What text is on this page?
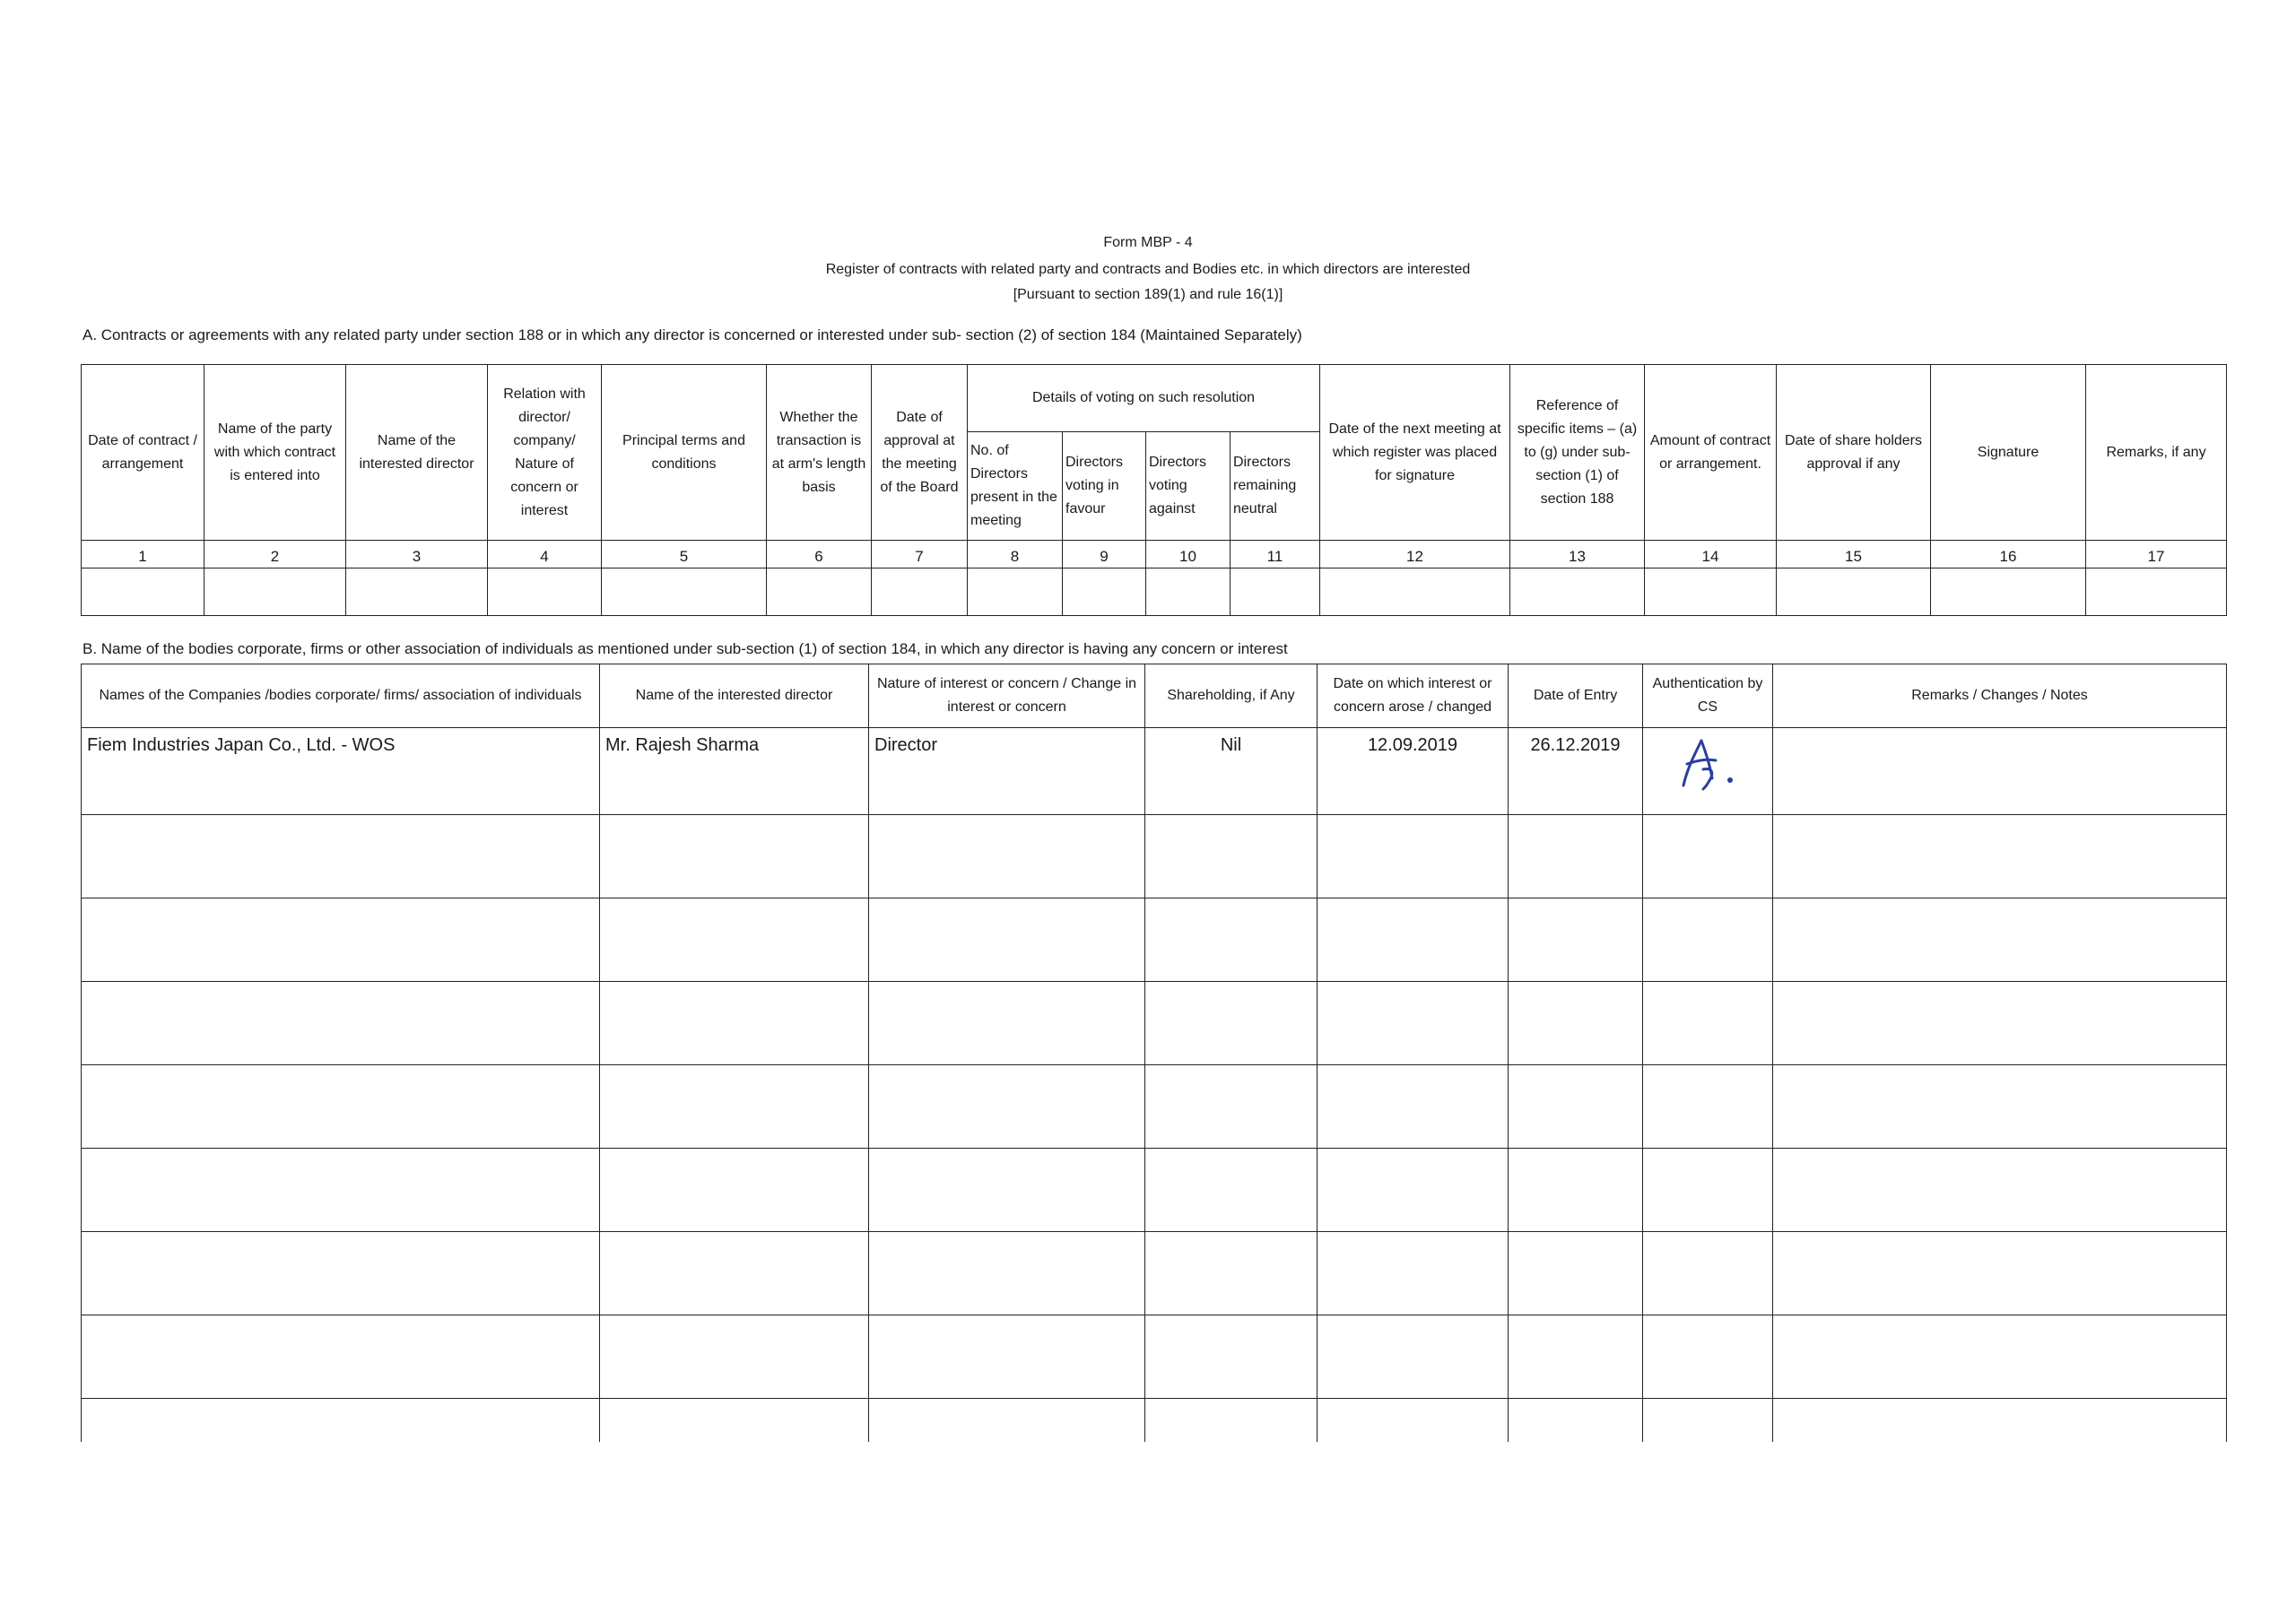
Form MBP - 4
Register of contracts with related party and contracts and Bodies etc. in which directors are interested
[Pursuant to section 189(1) and rule 16(1)]
A. Contracts or agreements with any related party under section 188 or in which any director is concerned or interested under sub- section (2) of section 184 (Maintained Separately)
Date of contract / arrangement	Name of the party with which contract is entered into	Name of the interested director	Relation with director/ company/ Nature of concern or interest	Principal terms and conditions	Whether the transaction is at arm's length basis	Date of approval at the meeting of the Board	Details of voting on such resolution				Date of the next meeting at which register was placed for signature	Reference of specific items – (a) to (g) under sub-section (1) of section 188	Amount of contract or arrangement.	Date of share holders approval if any	Signature	Remarks, if any
							No. of Directors present in the meeting	Directors voting in favour	Directors voting against	Directors remaining neutral						
1	2	3	4	5	6	7	8	9	10	11	12	13	14	15	16	17

B. Name of the bodies corporate, firms or other association of individuals as mentioned under sub-section (1) of section 184, in which any director is having any concern or interest
Names of the Companies /bodies corporate/ firms/ association of individuals	Name of the interested director	Nature of interest or concern / Change in interest or concern	Shareholding, if Any	Date on which interest or concern arose / changed	Date of Entry	Authentication by CS	Remarks / Changes / Notes
Fiem Industries Japan Co., Ltd. - WOS	Mr. Rajesh Sharma	Director	Nil	12.09.2019	26.12.2019	
